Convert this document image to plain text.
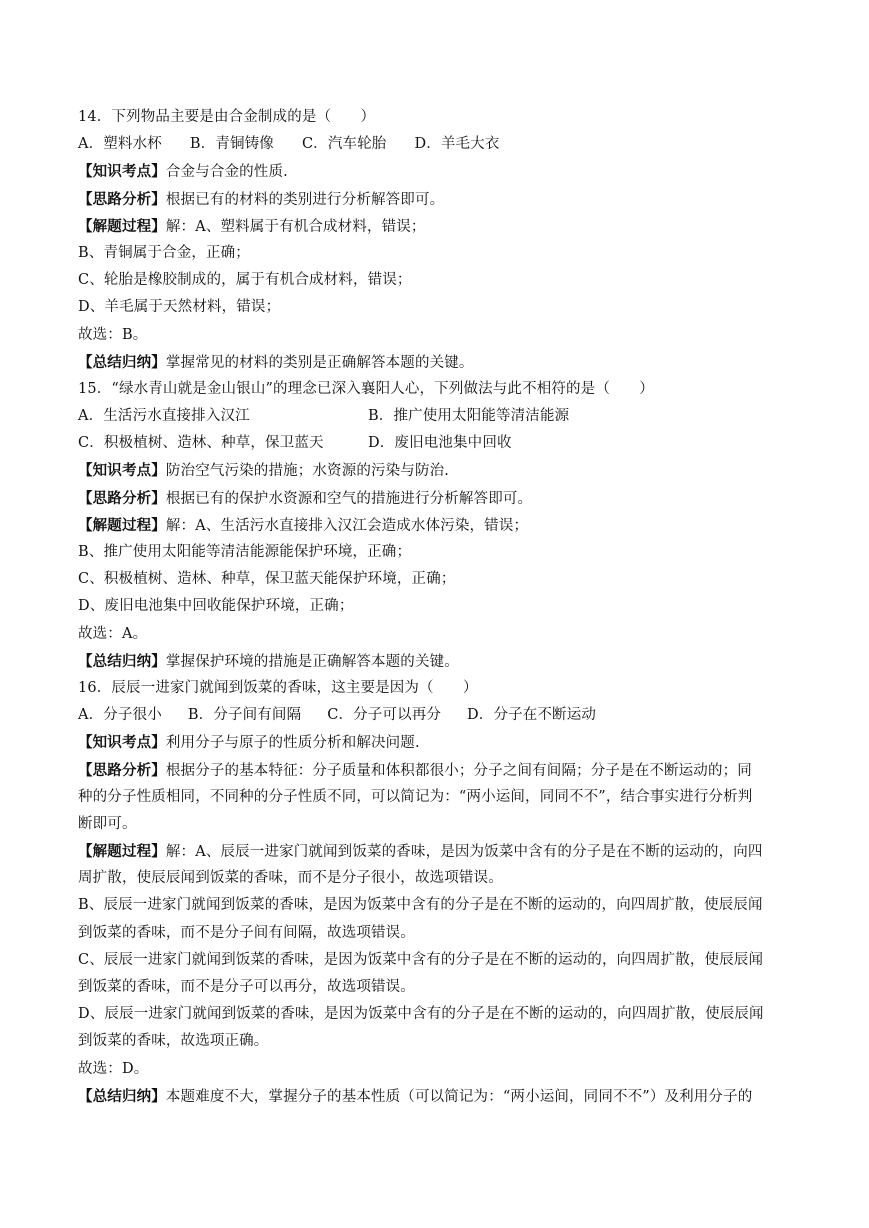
14．下列物品主要是由合金制成的是（　　）
A．塑料水杯 B．青铜铸像 C．汽车轮胎 D．羊毛大衣
【知识考点】合金与合金的性质.
【思路分析】根据已有的材料的类别进行分析解答即可。
【解题过程】解：A、塑料属于有机合成材料，错误；
B、青铜属于合金，正确；
C、轮胎是橡胶制成的，属于有机合成材料，错误；
D、羊毛属于天然材料，错误；
故选：B。
【总结归纳】掌握常见的材料的类别是正确解答本题的关键。
15．“绿水青山就是金山银山”的理念已深入襄阳人心，下列做法与此不相符的是（　　）
A．生活污水直接排入汉江	B．推广使用太阳能等清洁能源
C．积极植树、造林、种草，保卫蓝天	D．废旧电池集中回收
【知识考点】防治空气污染的措施；水资源的污染与防治.
【思路分析】根据已有的保护水资源和空气的措施进行分析解答即可。
【解题过程】解：A、生活污水直接排入汉江会造成水体污染，错误；
B、推广使用太阳能等清洁能源能保护环境，正确；
C、积极植树、造林、种草，保卫蓝天能保护环境，正确；
D、废旧电池集中回收能保护环境，正确；
故选：A。
【总结归纳】掌握保护环境的措施是正确解答本题的关键。
16．辰辰一进家门就闻到饭菜的香味，这主要是因为（　　）
A．分子很小 B．分子间有间隔 C．分子可以再分 D．分子在不断运动
【知识考点】利用分子与原子的性质分析和解决问题.
【思路分析】根据分子的基本特征：分子质量和体积都很小；分子之间有间隔；分子是在不断运动的；同
种的分子性质相同，不同种的分子性质不同，可以简记为：“两小运间，同同不不”，结合事实进行分析判
断即可。
【解题过程】解：A、辰辰一进家门就闻到饭菜的香味，是因为饭菜中含有的分子是在不断的运动的，向四
周扩散，使辰辰闻到饭菜的香味，而不是分子很小，故选项错误。
B、辰辰一进家门就闻到饭菜的香味，是因为饭菜中含有的分子是在不断的运动的，向四周扩散，使辰辰闻
到饭菜的香味，而不是分子间有间隔，故选项错误。
C、辰辰一进家门就闻到饭菜的香味，是因为饭菜中含有的分子是在不断的运动的，向四周扩散，使辰辰闻
到饭菜的香味，而不是分子可以再分，故选项错误。
D、辰辰一进家门就闻到饭菜的香味，是因为饭菜中含有的分子是在不断的运动的，向四周扩散，使辰辰闻
到饭菜的香味，故选项正确。
故选：D。
【总结归纳】本题难度不大，掌握分子的基本性质（可以简记为：“两小运间，同同不不”）及利用分子的
